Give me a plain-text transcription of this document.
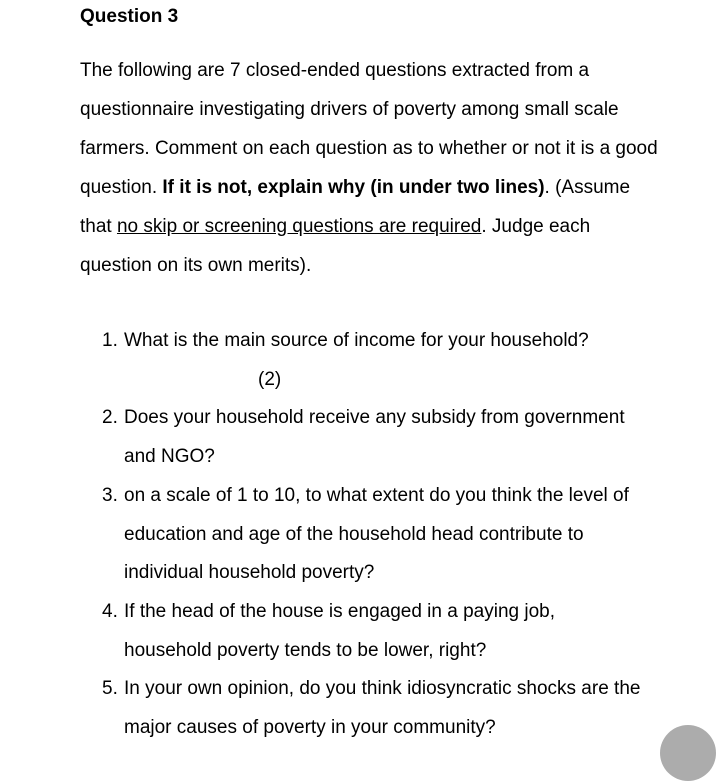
Question 3

The following are 7 closed-ended questions extracted from a questionnaire investigating drivers of poverty among small scale farmers. Comment on each question as to whether or not it is a good question. If it is not, explain why (in under two lines). (Assume that no skip or screening questions are required. Judge each question on its own merits).

1. What is the main source of income for your household?
(2)
2. Does your household receive any subsidy from government and NGO?
3. on a scale of 1 to 10, to what extent do you think the level of education and age of the household head contribute to individual household poverty?
4. If the head of the house is engaged in a paying job, household poverty tends to be lower, right?
5. In your own opinion, do you think idiosyncratic shocks are the major causes of poverty in your community?
